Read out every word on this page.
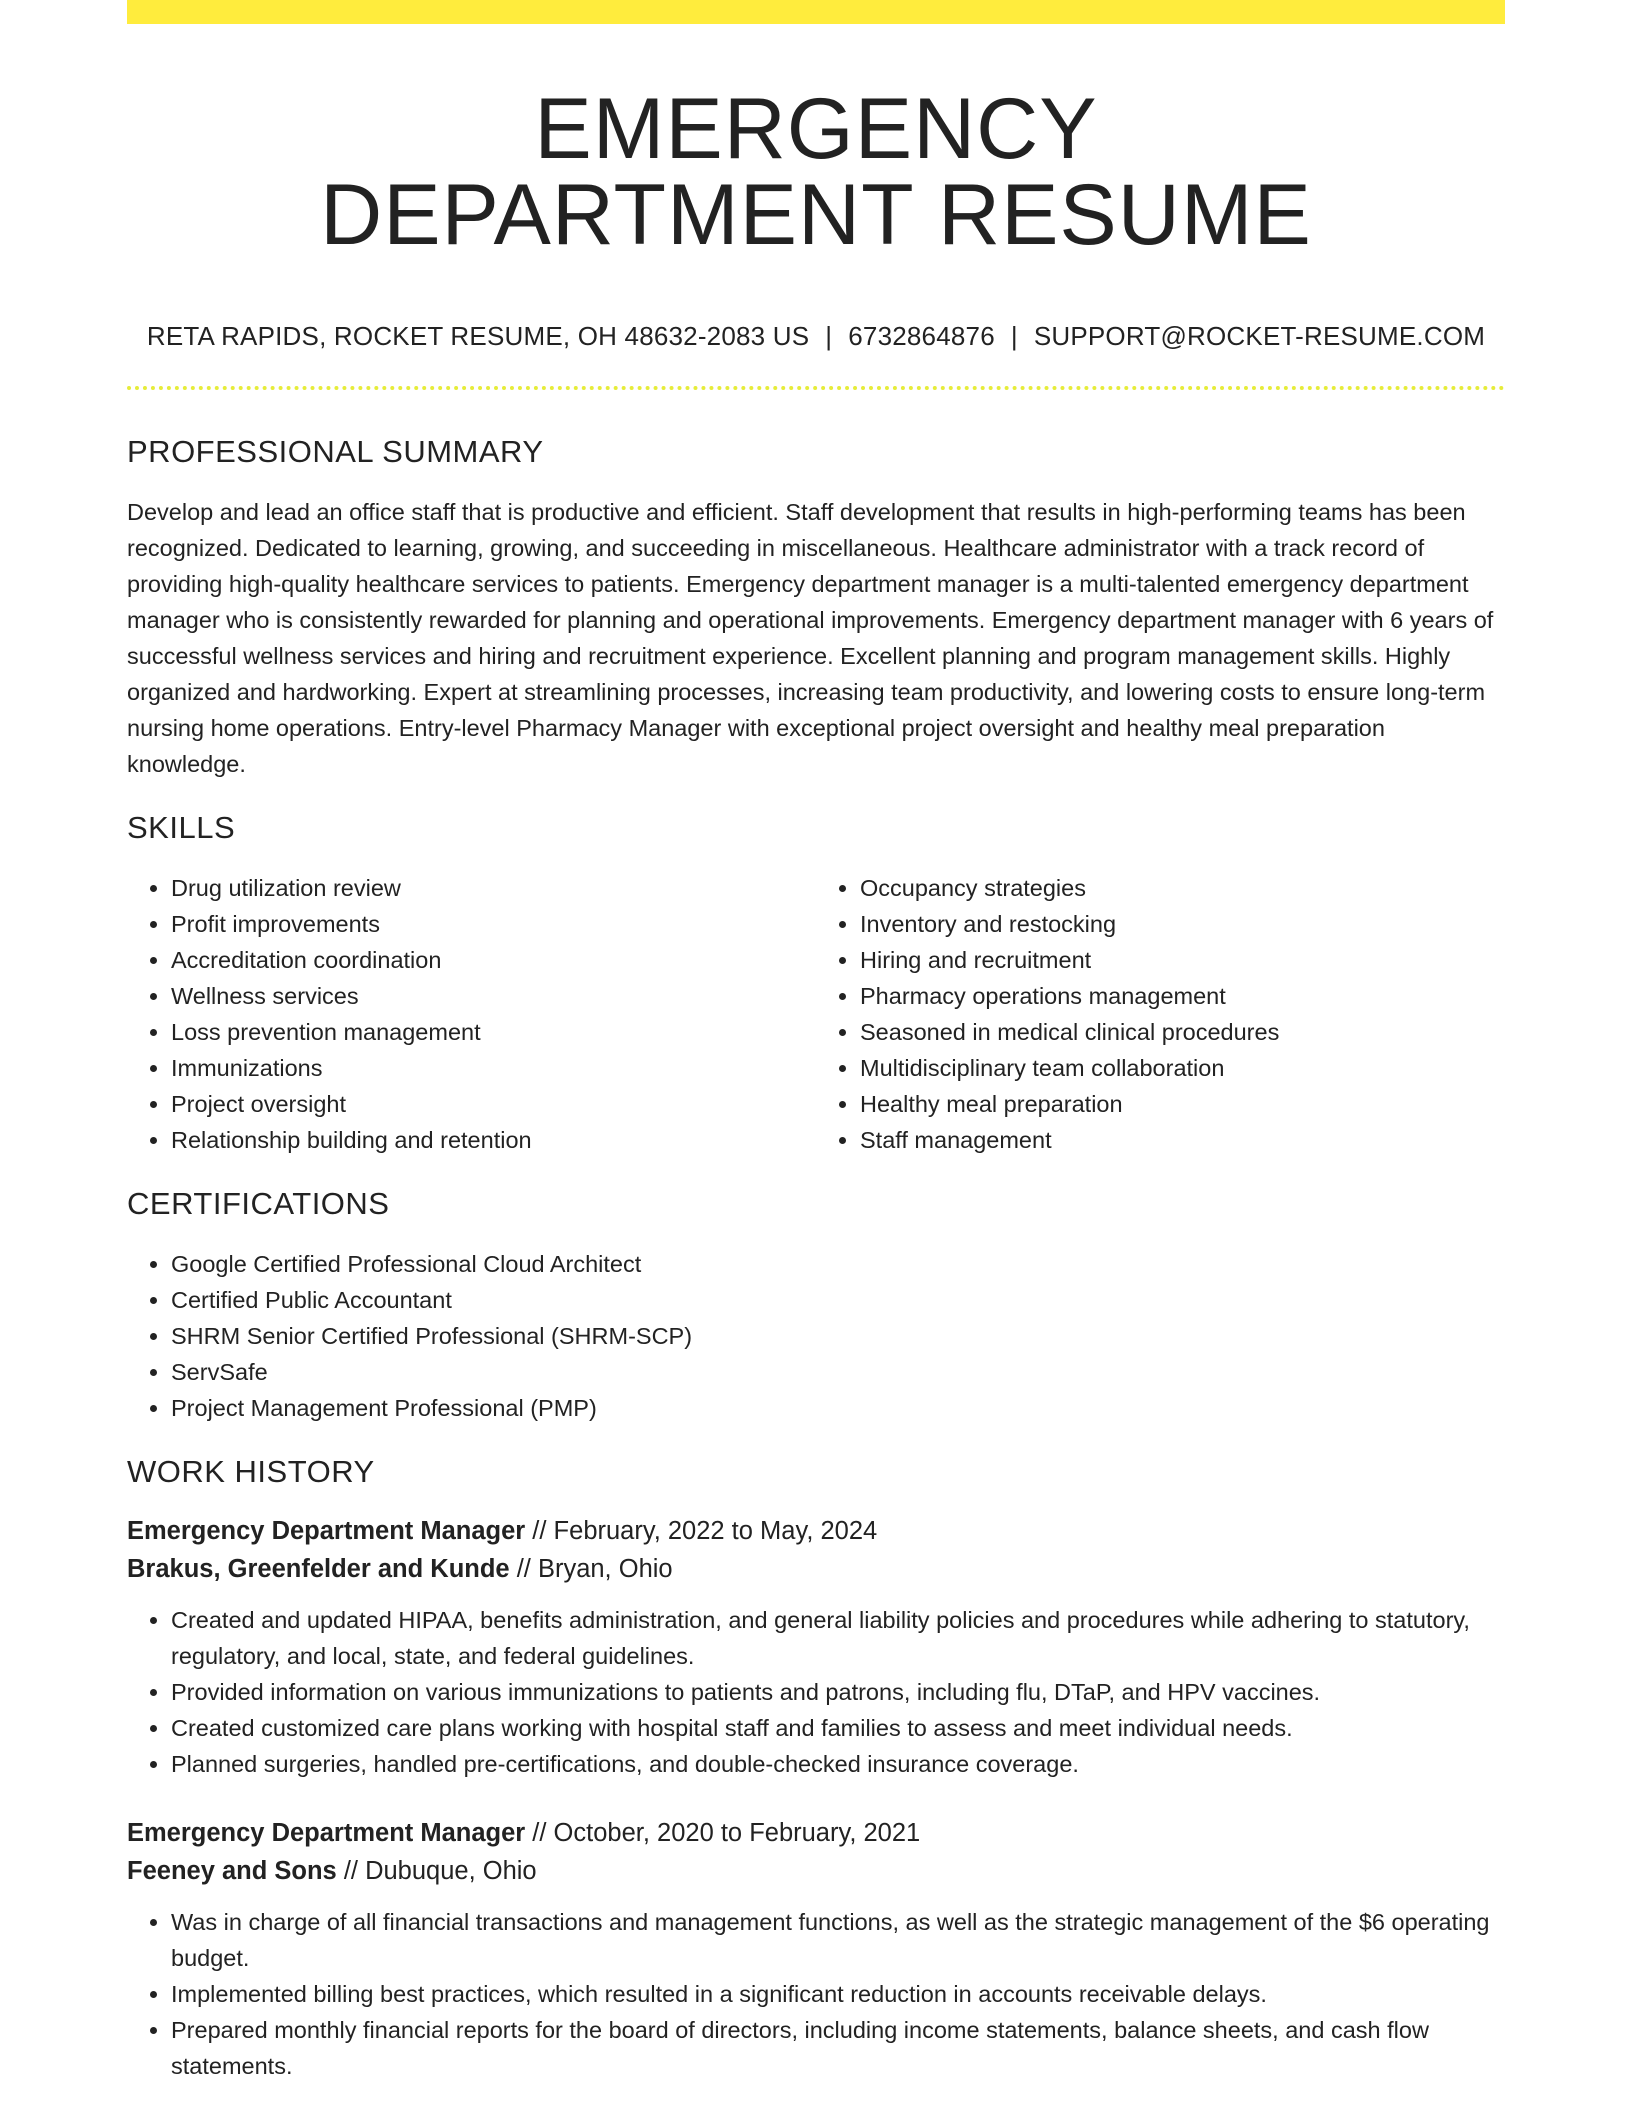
EMERGENCY
DEPARTMENT RESUME
RETA RAPIDS, ROCKET RESUME, OH 48632-2083 US | 6732864876 | SUPPORT@ROCKET-RESUME.COM
PROFESSIONAL SUMMARY

Develop and lead an office staff that is productive and efficient. Staff development that results in high-performing teams has been recognized. Dedicated to learning, growing, and succeeding in miscellaneous. Healthcare administrator with a track record of providing high-quality healthcare services to patients. Emergency department manager is a multi-talented emergency department manager who is consistently rewarded for planning and operational improvements. Emergency department manager with 6 years of successful wellness services and hiring and recruitment experience. Excellent planning and program management skills. Highly organized and hardworking. Expert at streamlining processes, increasing team productivity, and lowering costs to ensure long-term nursing home operations. Entry-level Pharmacy Manager with exceptional project oversight and healthy meal preparation knowledge.

SKILLS
• Drug utilization review
• Profit improvements
• Accreditation coordination
• Wellness services
• Loss prevention management
• Immunizations
• Project oversight
• Relationship building and retention
• Occupancy strategies
• Inventory and restocking
• Hiring and recruitment
• Pharmacy operations management
• Seasoned in medical clinical procedures
• Multidisciplinary team collaboration
• Healthy meal preparation
• Staff management
CERTIFICATIONS
• Google Certified Professional Cloud Architect
• Certified Public Accountant
• SHRM Senior Certified Professional (SHRM-SCP)
• ServSafe
• Project Management Professional (PMP)
WORK HISTORY

Emergency Department Manager // February, 2022 to May, 2024

Brakus, Greenfelder and Kunde // Bryan, Ohio

• Created and updated HIPAA, benefits administration, and general liability policies and procedures while adhering to statutory, regulatory, and local, state, and federal guidelines.
• Provided information on various immunizations to patients and patrons, including flu, DTaP, and HPV vaccines.
• Created customized care plans working with hospital staff and families to assess and meet individual needs.
• Planned surgeries, handled pre-certifications, and double-checked insurance coverage.

Emergency Department Manager // October, 2020 to February, 2021

Feeney and Sons // Dubuque, Ohio

• Was in charge of all financial transactions and management functions, as well as the strategic management of the $6 operating budget.
• Implemented billing best practices, which resulted in a significant reduction in accounts receivable delays.
• Prepared monthly financial reports for the board of directors, including income statements, balance sheets, and cash flow statements.
